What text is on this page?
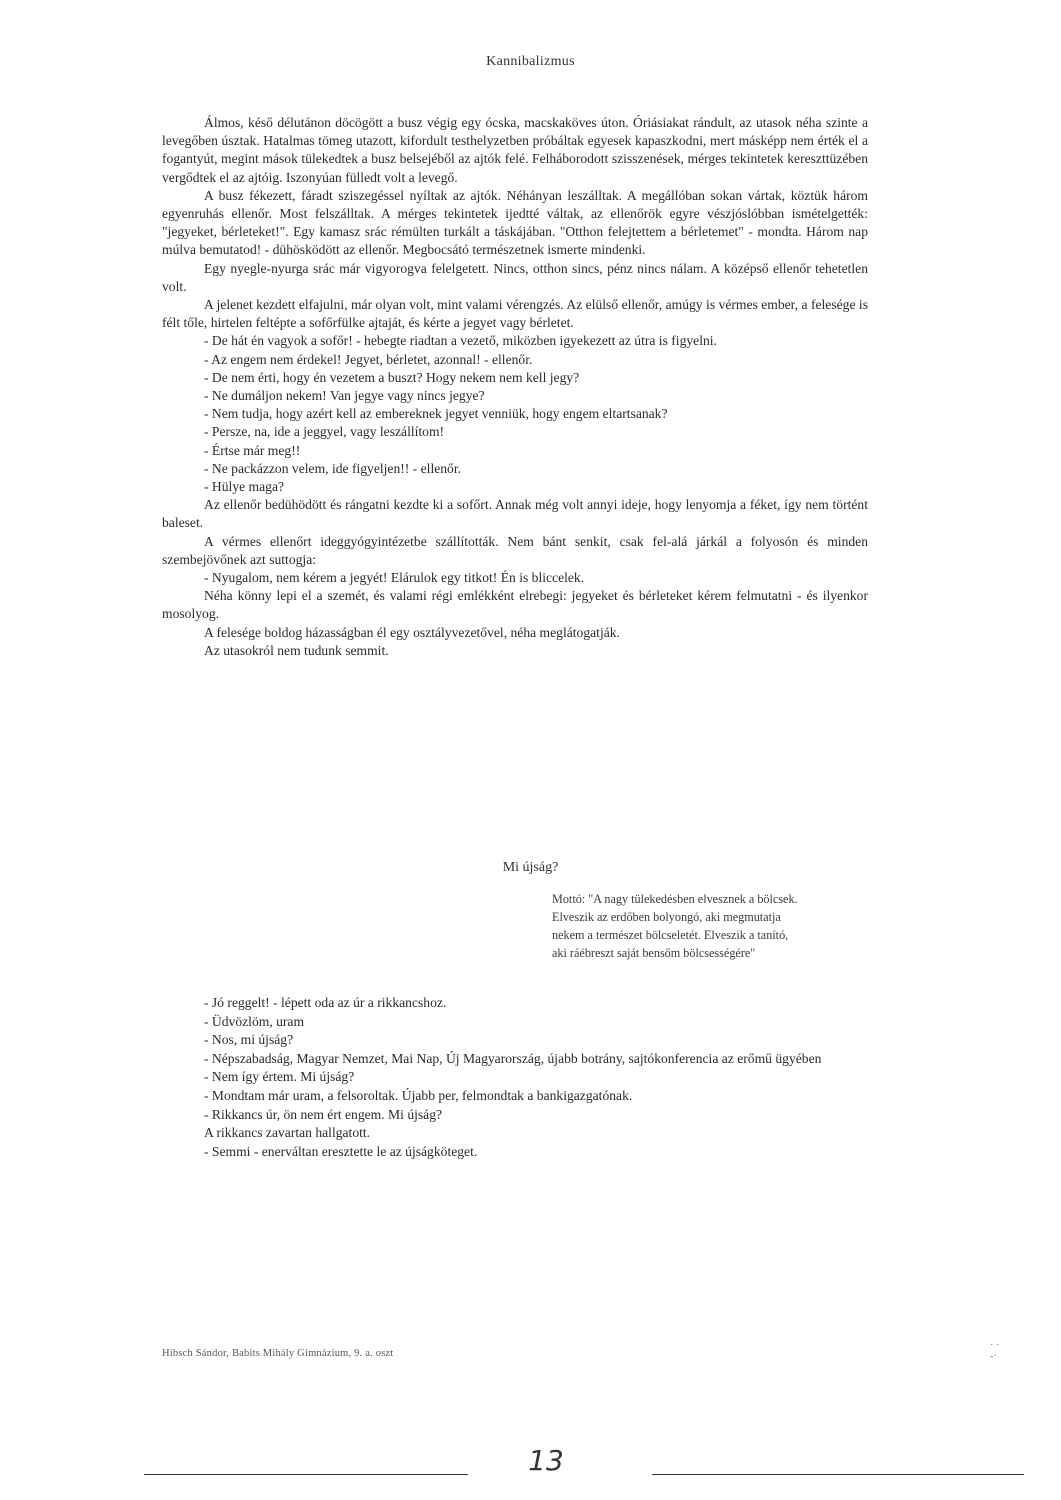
Kannibalizmus

Álmos, késő délutánon döcögött a busz végig egy ócska, macskaköves úton. Óriásiakat rándult, az utasok néha szinte a levegőben úsztak. Hatalmas tömeg utazott, kifordult testhelyzetben próbáltak egyesek kapaszkodni, mert másképp nem érték el a fogantyút, megint mások tülekedtek a busz belsejéből az ajtók felé. Felháborodott szisszenések, mérges tekintetek kereszttüzében vergődtek el az ajtóig. Iszonyúan fülledt volt a levegő.

A busz fékezett, fáradt sziszegéssel nyíltak az ajtók. Néhányan leszálltak. A megállóban sokan vártak, köztük három egyenruhás ellenőr. Most felszálltak. A mérges tekintetek ijedtté váltak, az ellenőrök egyre vészjóslóbban ismételgették: "jegyeket, bérleteket!". Egy kamasz srác rémülten turkált a táskájában. "Otthon felejtettem a bérletemet" - mondta. Három nap múlva bemutatod! - dühösködött az ellenőr. Megbocsátó természetnek ismerte mindenki.

Egy nyegle-nyurga srác már vigyorogva felelgetett. Nincs, otthon sincs, pénz nincs nálam. A középső ellenőr tehetetlen volt.

A jelenet kezdett elfajulni, már olyan volt, mint valami vérengzés. Az elülső ellenőr, amúgy is vérmes ember, a felesége is félt tőle, hirtelen feltépte a sofőrfülke ajtaját, és kérte a jegyet vagy bérletet.

- De hát én vagyok a sofőr! - hebegte riadtan a vezető, miközben igyekezett az útra is figyelni.

- Az engem nem érdekel! Jegyet, bérletet, azonnal! - ellenőr.

- De nem érti, hogy én vezetem a buszt? Hogy nekem nem kell jegy?

- Ne dumáljon nekem! Van jegye vagy nincs jegye?

- Nem tudja, hogy azért kell az embereknek jegyet venniük, hogy engem eltartsanak?

- Persze, na, ide a jeggyel, vagy leszállítom!

- Értse már meg!!

- Ne packázzon velem, ide figyeljen!! - ellenőr.

- Hülye maga?

Az ellenőr bedühödött és rángatni kezdte ki a sofőrt. Annak még volt annyi ideje, hogy lenyomja a féket, így nem történt baleset.

A vérmes ellenőrt ideggyógyintézetbe szállították. Nem bánt senkit, csak fel-alá járkál a folyosón és minden szembejövőnek azt suttogja:

- Nyugalom, nem kérem a jegyét! Elárulok egy titkot! Én is bliccelek.

Néha könny lepi el a szemét, és valami régi emlékként elrebegi: jegyeket és bérleteket kérem felmutatni - és ilyenkor mosolyog.

A felesége boldog házasságban él egy osztályvezetővel, néha meglátogatják.

Az utasokról nem tudunk semmit.

Mi újság?

Mottó: "A nagy tülekedésben elvesznek a bölcsek.

Elveszik az erdőben bolyongó, aki megmutatja

nekem a természet bölcseletét. Elveszik a tanító,

aki ráébreszt saját bensőm bölcsességére"

- Jó reggelt! - lépett oda az úr a rikkancshoz.

- Üdvözlöm, uram

- Nos, mi újság?

- Népszabadság, Magyar Nemzet, Mai Nap, Új Magyarország, újabb botrány, sajtókonferencia az erőmű ügyében

- Nem így értem. Mi újság?

- Mondtam már uram, a felsoroltak. Újabb per, felmondtak a bankigazgatónak.

- Rikkancs úr, ön nem ért engem. Mi újság?

A rikkancs zavartan hallgatott.

- Semmi - enerváltan eresztette le az újságköteget.

Hibsch Sándor, Babits Mihály Gimnázium, 9. a. oszt
· ·
-·
13
